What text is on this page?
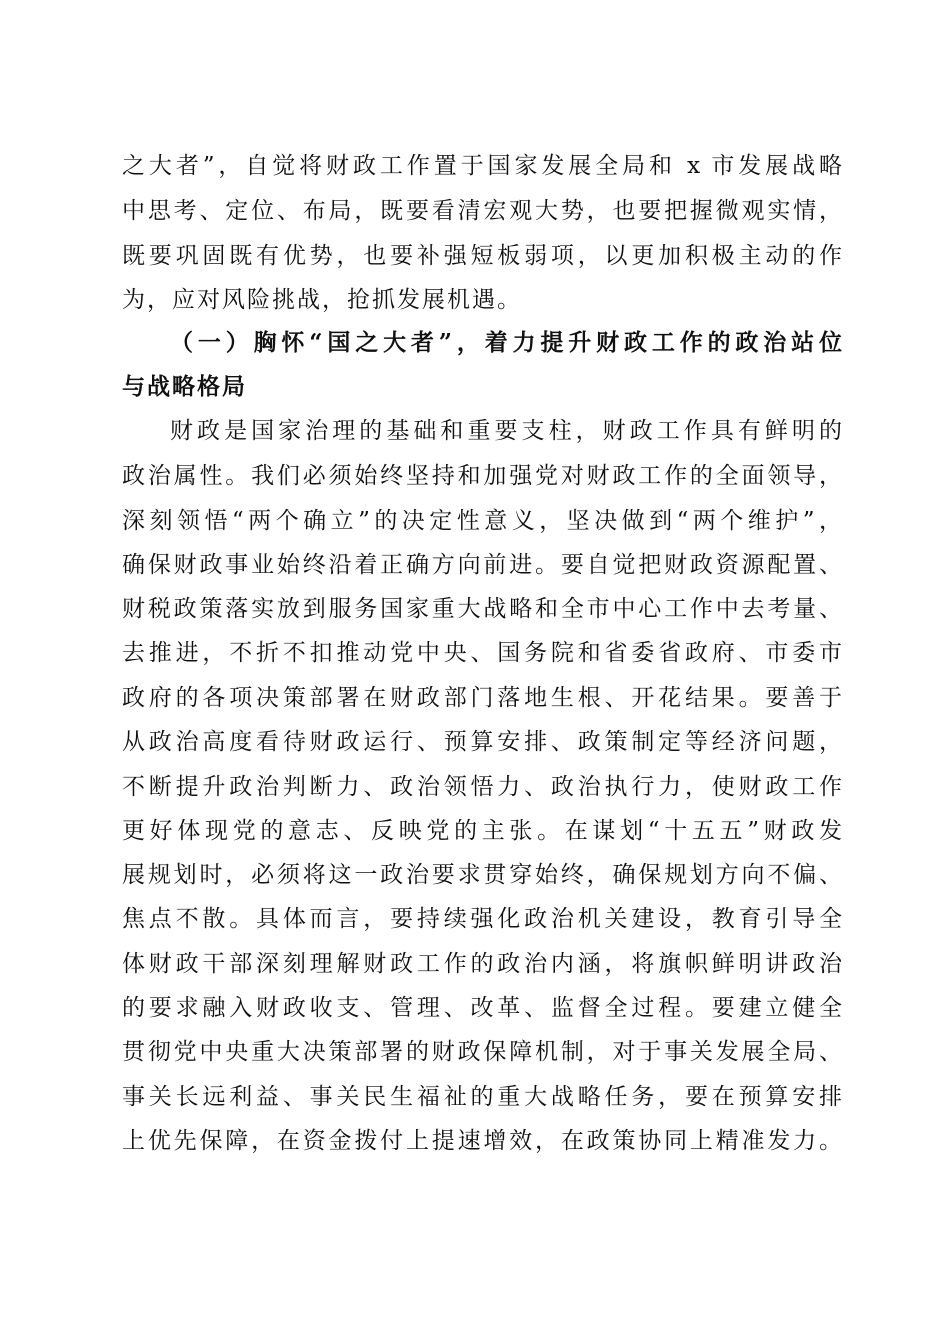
之大者”，自觉将财政工作置于国家发展全局和 x 市发展战略
中思考、定位、布局，既要看清宏观大势，也要把握微观实情，
既要巩固既有优势，也要补强短板弱项，以更加积极主动的作
为，应对风险挑战，抢抓发展机遇。
（一）胸怀“国之大者”，着力提升财政工作的政治站位
与战略格局
财政是国家治理的基础和重要支柱，财政工作具有鲜明的
政治属性。我们必须始终坚持和加强党对财政工作的全面领导，
深刻领悟“两个确立”的决定性意义，坚决做到“两个维护”，
确保财政事业始终沿着正确方向前进。要自觉把财政资源配置、
财税政策落实放到服务国家重大战略和全市中心工作中去考量、
去推进，不折不扣推动党中央、国务院和省委省政府、市委市
政府的各项决策部署在财政部门落地生根、开花结果。要善于
从政治高度看待财政运行、预算安排、政策制定等经济问题，
不断提升政治判断力、政治领悟力、政治执行力，使财政工作
更好体现党的意志、反映党的主张。在谋划“十五五”财政发
展规划时，必须将这一政治要求贯穿始终，确保规划方向不偏、
焦点不散。具体而言，要持续强化政治机关建设，教育引导全
体财政干部深刻理解财政工作的政治内涵，将旗帜鲜明讲政治
的要求融入财政收支、管理、改革、监督全过程。要建立健全
贯彻党中央重大决策部署的财政保障机制，对于事关发展全局、
事关长远利益、事关民生福祉的重大战略任务，要在预算安排
上优先保障，在资金拨付上提速增效，在政策协同上精准发力。
